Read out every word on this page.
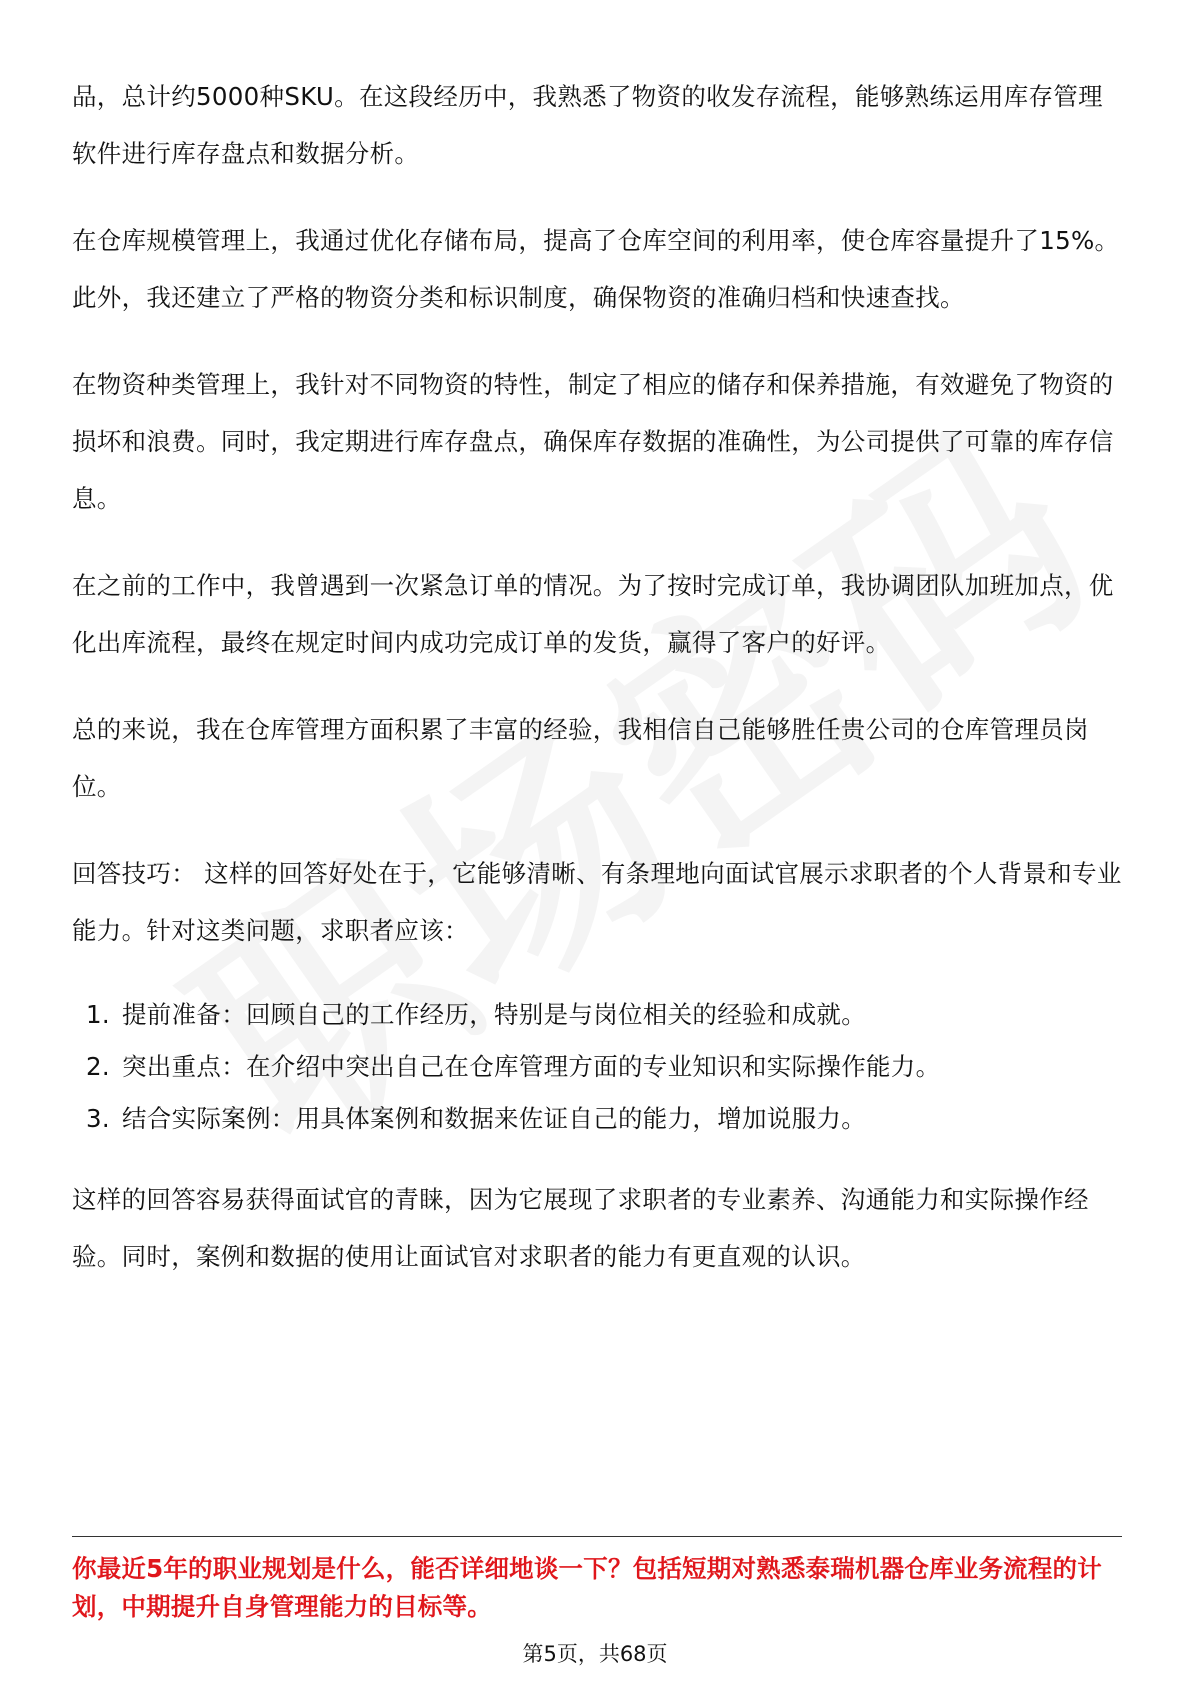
品，总计约5000种SKU。在这段经历中，我熟悉了物资的收发存流程，能够熟练运用库存管理软件进行库存盘点和数据分析。

在仓库规模管理上，我通过优化存储布局，提高了仓库空间的利用率，使仓库容量提升了15%。此外，我还建立了严格的物资分类和标识制度，确保物资的准确归档和快速查找。

在物资种类管理上，我针对不同物资的特性，制定了相应的储存和保养措施，有效避免了物资的损坏和浪费。同时，我定期进行库存盘点，确保库存数据的准确性，为公司提供了可靠的库存信息。

在之前的工作中，我曾遇到一次紧急订单的情况。为了按时完成订单，我协调团队加班加点，优化出库流程，最终在规定时间内成功完成订单的发货，赢得了客户的好评。

总的来说，我在仓库管理方面积累了丰富的经验，我相信自己能够胜任贵公司的仓库管理员岗位。

回答技巧： 这样的回答好处在于，它能够清晰、有条理地向面试官展示求职者的个人背景和专业能力。针对这类问题，求职者应该：

1. 提前准备：回顾自己的工作经历，特别是与岗位相关的经验和成就。
2. 突出重点：在介绍中突出自己在仓库管理方面的专业知识和实际操作能力。
3. 结合实际案例：用具体案例和数据来佐证自己的能力，增加说服力。

这样的回答容易获得面试官的青睐，因为它展现了求职者的专业素养、沟通能力和实际操作经验。同时，案例和数据的使用让面试官对求职者的能力有更直观的认识。

你最近5年的职业规划是什么，能否详细地谈一下？包括短期对熟悉泰瑞机器仓库业务流程的计划，中期提升自身管理能力的目标等。
第5页，共68页
